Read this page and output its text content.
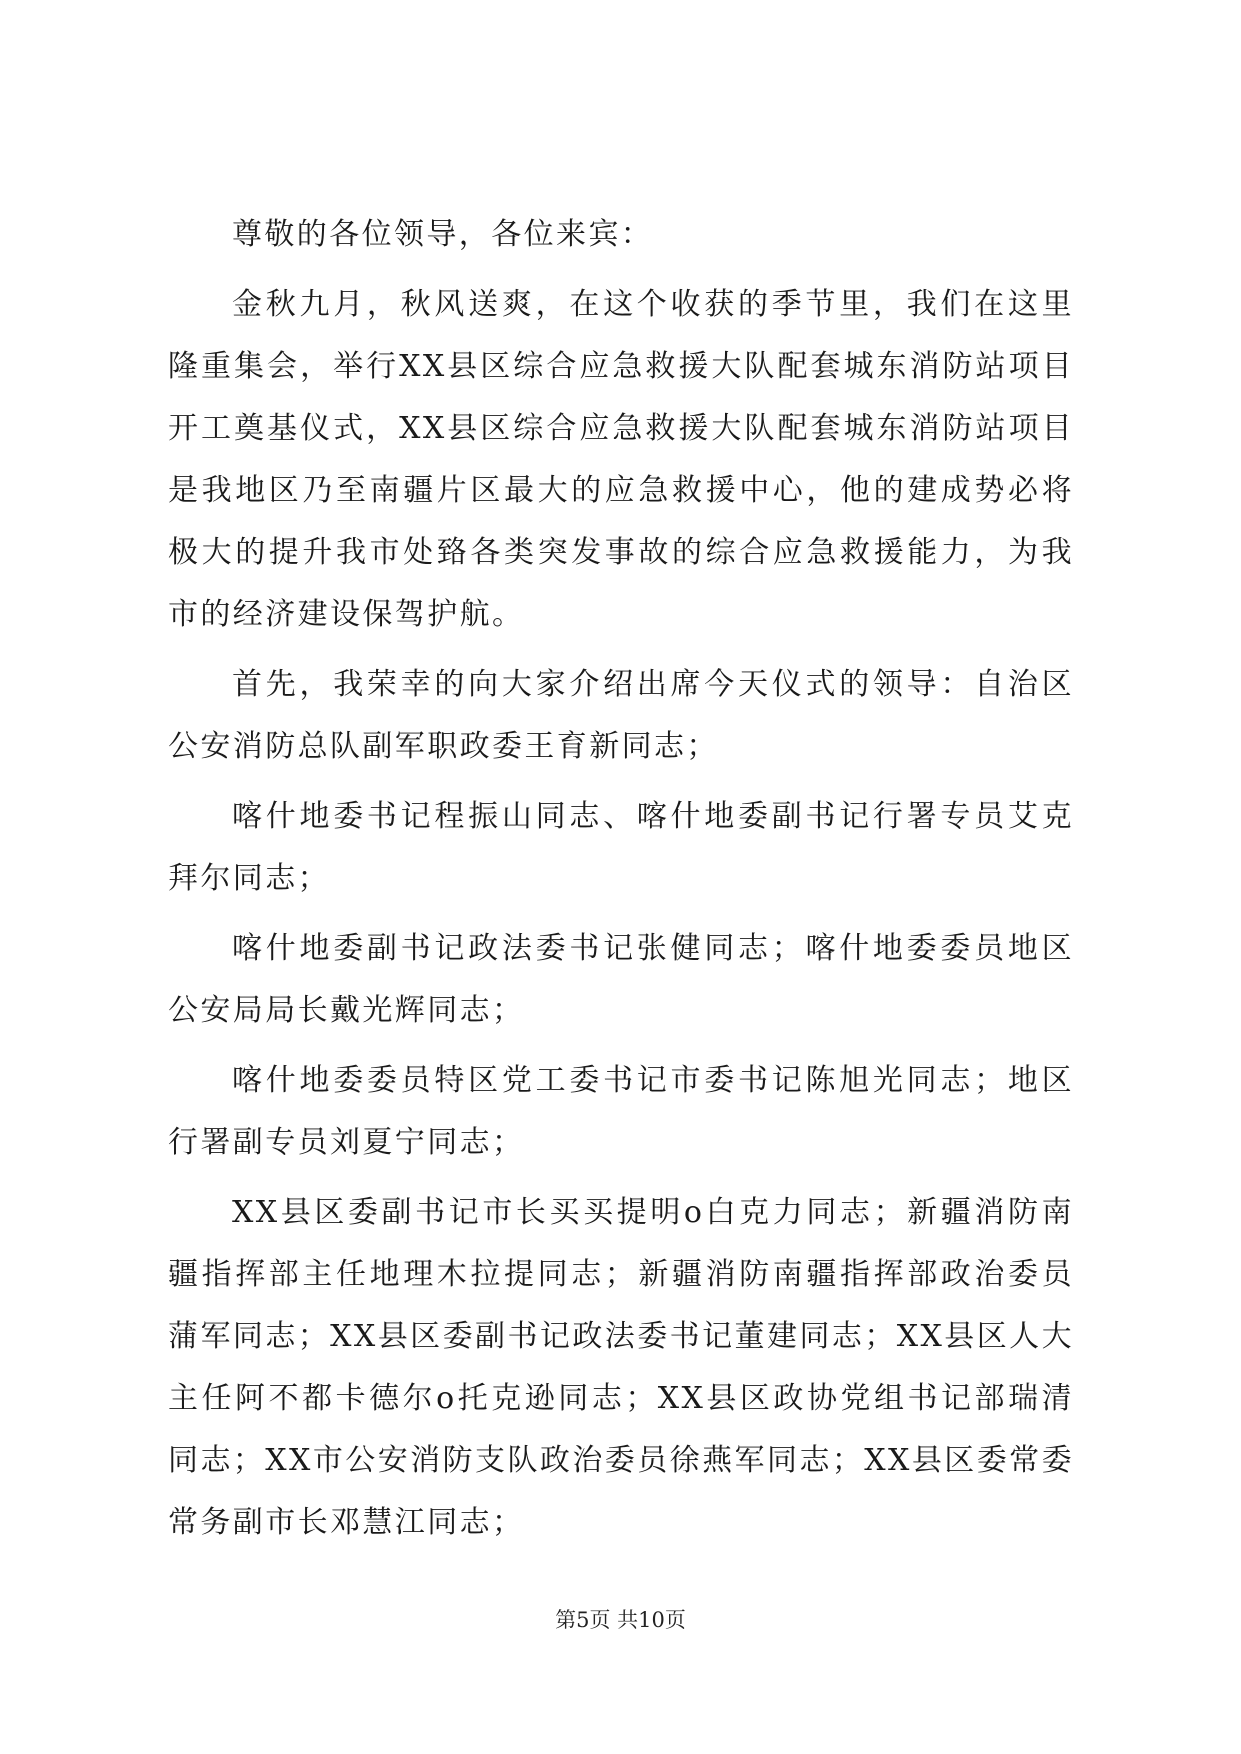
尊敬的各位领导，各位来宾：

金秋九月，秋风送爽，在这个收获的季节里，我们在这里隆重集会，举行XX县区综合应急救援大队配套城东消防站项目开工奠基仪式，XX县区综合应急救援大队配套城东消防站项目是我地区乃至南疆片区最大的应急救援中心，他的建成势必将极大的提升我市处臵各类突发事故的综合应急救援能力，为我市的经济建设保驾护航。

首先，我荣幸的向大家介绍出席今天仪式的领导：自治区公安消防总队副军职政委王育新同志；

喀什地委书记程振山同志、喀什地委副书记行署专员艾克拜尔同志；

喀什地委副书记政法委书记张健同志；喀什地委委员地区公安局局长戴光辉同志；

喀什地委委员特区党工委书记市委书记陈旭光同志；地区行署副专员刘夏宁同志；

XX县区委副书记市长买买提明o白克力同志；新疆消防南疆指挥部主任地理木拉提同志；新疆消防南疆指挥部政治委员蒲军同志；XX县区委副书记政法委书记董建同志；XX县区人大主任阿不都卡德尔o托克逊同志；XX县区政协党组书记部瑞清同志；XX市公安消防支队政治委员徐燕军同志；XX县区委常委常务副市长邓慧江同志；

第5页 共10页
